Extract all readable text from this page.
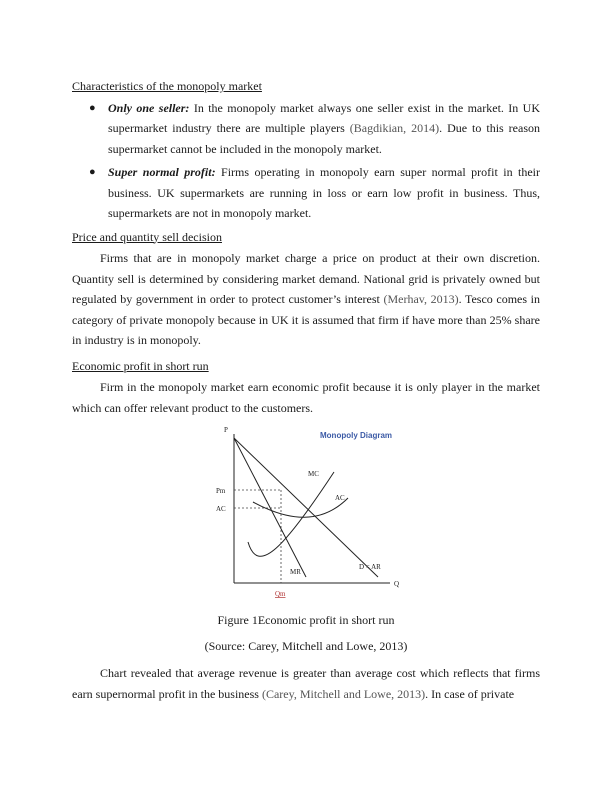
Characteristics of the monopoly market
● Only one seller: In the monopoly market always one seller exist in the market. In UK supermarket industry there are multiple players (Bagdikian, 2014). Due to this reason supermarket cannot be included in the monopoly market.
● Super normal profit: Firms operating in monopoly earn super normal profit in their business. UK supermarkets are running in loss or earn low profit in business. Thus, supermarkets are not in monopoly market.
Price and quantity sell decision

Firms that are in monopoly market charge a price on product at their own discretion. Quantity sell is determined by considering market demand. National grid is privately owned but regulated by government in order to protect customer’s interest (Merhav, 2013). Tesco comes in category of private monopoly because in UK it is assumed that firm if have more than 25% share in industry is in monopoly.

Economic profit in short run

Firm in the monopoly market earn economic profit because it is only player in the market which can offer relevant product to the customers.

Monopoly Diagram
P
Q
Pm
AC
Qm
MC
AC
MR
D = AR
Figure 1Economic profit in short run
(Source: Carey, Mitchell and Lowe, 2013)

Chart revealed that average revenue is greater than average cost which reflects that firms earn supernormal profit in the business (Carey, Mitchell and Lowe, 2013). In case of private
